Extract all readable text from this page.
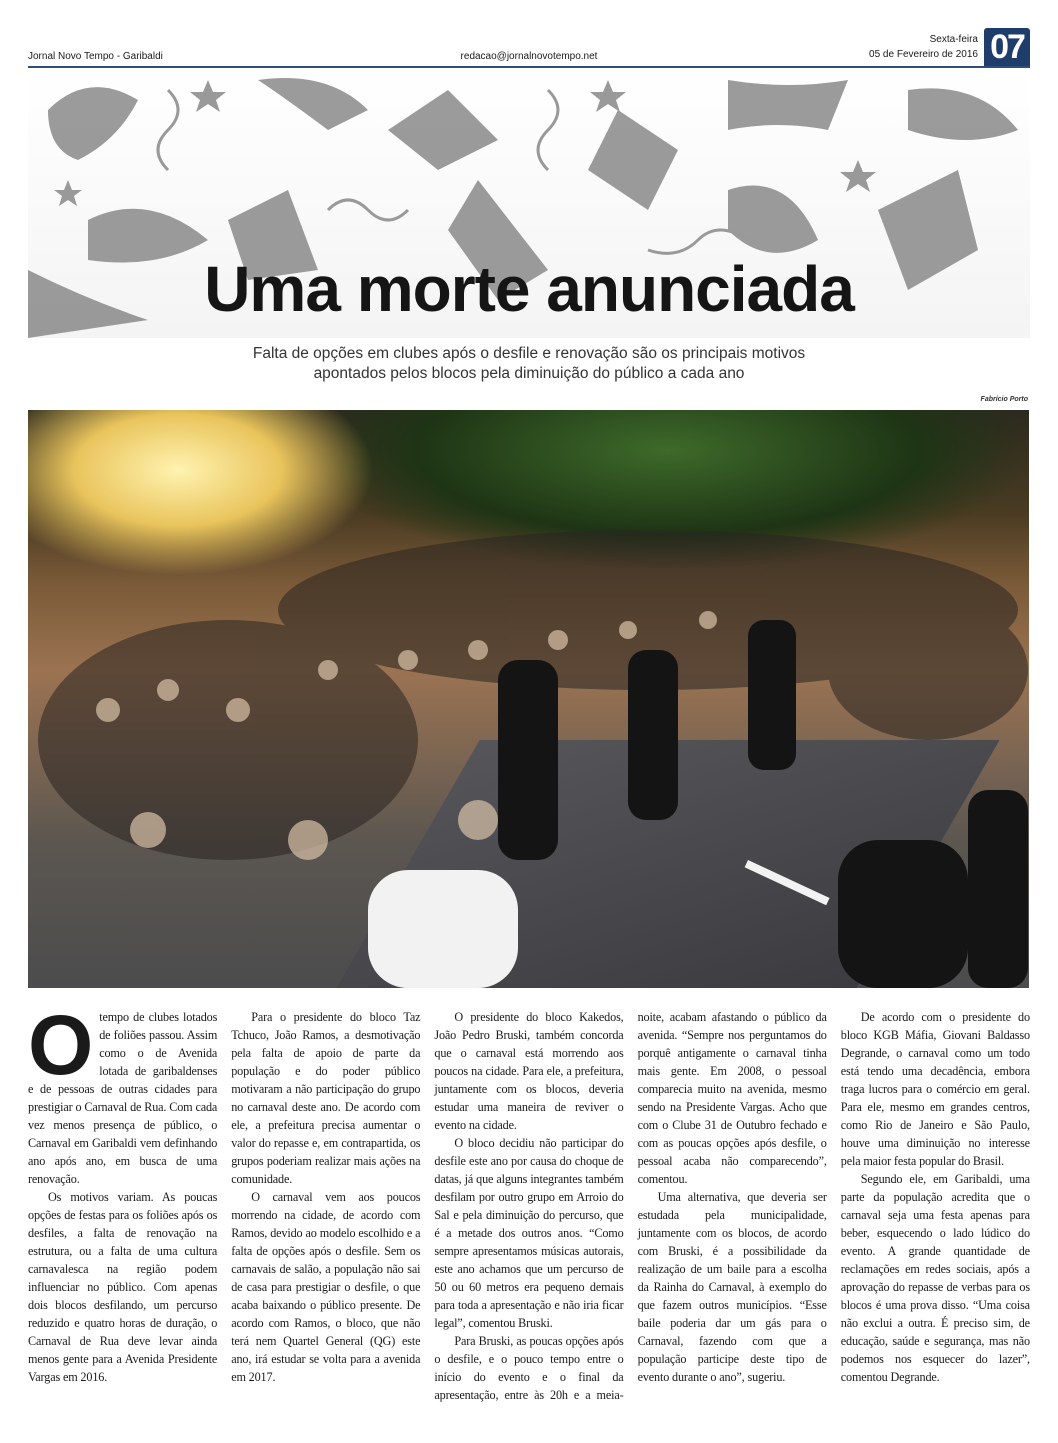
Jornal Novo Tempo - Garibaldi	redacao@jornalnovotempo.net
Sexta-feira
05 de Fevereiro de 2016 07
Uma morte anunciada
Falta de opções em clubes após o desfile e renovação são os principais motivos
apontados pelos blocos pela diminuição do público a cada ano
Fabrício Porto

Otempo de clubes lotados de foliões passou. Assim como o de Avenida lotada de garibaldenses e de pessoas de outras cidades para prestigiar o Carnaval de Rua. Com cada vez menos presença de público, o Carnaval em Garibaldi vem definhando ano após ano, em busca de uma renovação.

Os motivos variam. As poucas opções de festas para os foliões após os desfiles, a falta de renovação na estrutura, ou a falta de uma cultura carnavalesca na região podem influenciar no público. Com apenas dois blocos desfilando, um percurso reduzido e quatro horas de duração, o Carnaval de Rua deve levar ainda menos gente para a Avenida Presidente Vargas em 2016.

Para o presidente do bloco Taz Tchuco, João Ramos, a desmotivação pela falta de apoio de parte da população e do poder público motivaram a não participação do grupo no carnaval deste ano. De acordo com ele, a prefeitura precisa aumentar o valor do repasse e, em contrapartida, os grupos poderiam realizar mais ações na comunidade.

O carnaval vem aos poucos morrendo na cidade, de acordo com Ramos, devido ao modelo escolhido e a falta de opções após o desfile. Sem os carnavais de salão, a população não sai de casa para prestigiar o desfile, o que acaba baixando o público presente. De acordo com Ramos, o bloco, que não terá nem Quartel General (QG) este ano, irá estudar se volta para a avenida em 2017.

O presidente do bloco Kakedos, João Pedro Bruski, também concorda que o carnaval está morrendo aos poucos na cidade. Para ele, a prefeitura, juntamente com os blocos, deveria estudar uma maneira de reviver o evento na cidade.

O bloco decidiu não participar do desfile este ano por causa do choque de datas, já que alguns integrantes também desfilam por outro grupo em Arroio do Sal e pela diminuição do percurso, que é a metade dos outros anos. “Como sempre apresentamos músicas autorais, este ano achamos que um percurso de 50 ou 60 metros era pequeno demais para toda a apresentação e não iria ficar legal”, comentou Bruski.

Para Bruski, as poucas opções após o desfile, e o pouco tempo entre o início do evento e o final da apresentação, entre às 20h e a meia-noite, acabam afastando o público da avenida. “Sempre nos perguntamos do porquê antigamente o carnaval tinha mais gente. Em 2008, o pessoal comparecia muito na avenida, mesmo sendo na Presidente Vargas. Acho que com o Clube 31 de Outubro fechado e com as poucas opções após desfile, o pessoal acaba não comparecendo”, comentou.

Uma alternativa, que deveria ser estudada pela municipalidade, juntamente com os blocos, de acordo com Bruski, é a possibilidade da realização de um baile para a escolha da Rainha do Carnaval, à exemplo do que fazem outros municípios. “Esse baile poderia dar um gás para o Carnaval, fazendo com que a população participe deste tipo de evento durante o ano”, sugeriu.

De acordo com o presidente do bloco KGB Máfia, Giovani Baldasso Degrande, o carnaval como um todo está tendo uma decadência, embora traga lucros para o comércio em geral. Para ele, mesmo em grandes centros, como Rio de Janeiro e São Paulo, houve uma diminuição no interesse pela maior festa popular do Brasil.

Segundo ele, em Garibaldi, uma parte da população acredita que o carnaval seja uma festa apenas para beber, esquecendo o lado lúdico do evento. A grande quantidade de reclamações em redes sociais, após a aprovação do repasse de verbas para os blocos é uma prova disso. “Uma coisa não exclui a outra. É preciso sim, de educação, saúde e segurança, mas não podemos nos esquecer do lazer”, comentou Degrande.
